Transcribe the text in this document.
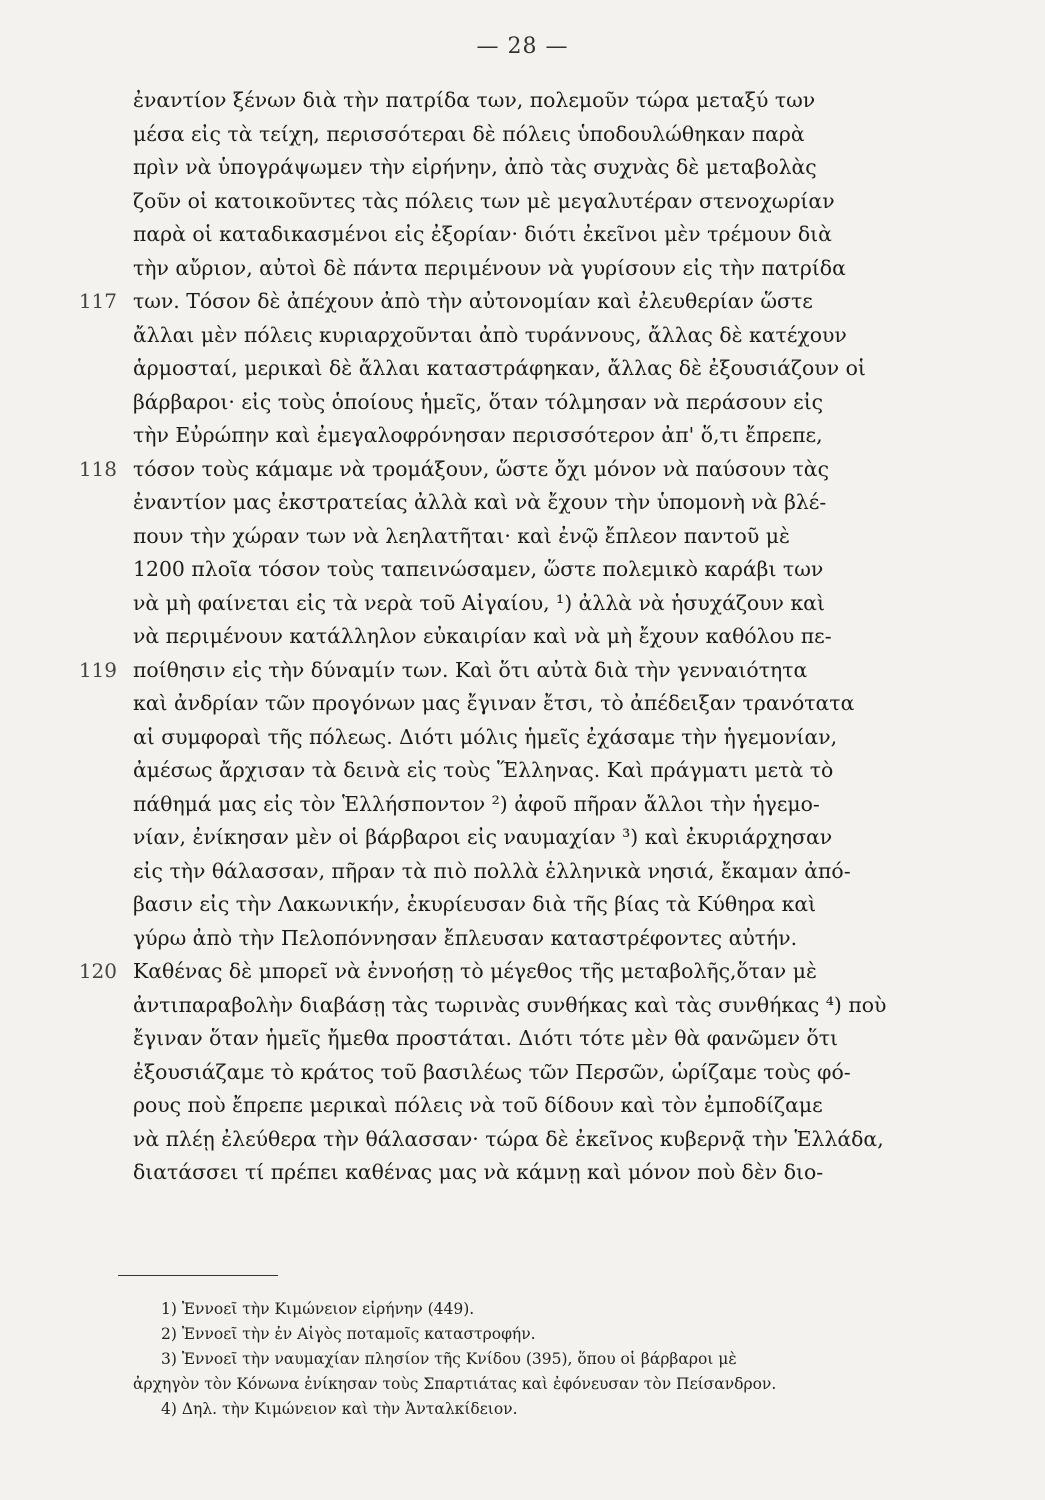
— 28 —
ἐναντίον ξένων διὰ τὴν πατρίδα των, πολεμοῦν τώρα μεταξύ των
μέσα εἰς τὰ τείχη, περισσότεραι δὲ πόλεις ὑποδουλώθηκαν παρὰ
πρὶν νὰ ὑπογράψωμεν τὴν εἰρήνην, ἀπὸ τὰς συχνὰς δὲ μεταβολὰς
ζοῦν οἱ κατοικοῦντες τὰς πόλεις των μὲ μεγαλυτέραν στενοχωρίαν
παρὰ οἱ καταδικασμένοι εἰς ἐξορίαν· διότι ἐκεῖνοι μὲν τρέμουν διὰ
τὴν αὔριον, αὐτοὶ δὲ πάντα περιμένουν νὰ γυρίσουν εἰς τὴν πατρίδα
117 των. Τόσον δὲ ἀπέχουν ἀπὸ τὴν αὐτονομίαν καὶ ἐλευθερίαν ὥστε
ἄλλαι μὲν πόλεις κυριαρχοῦνται ἀπὸ τυράννους, ἄλλας δὲ κατέχουν
ἁρμοσταί, μερικαὶ δὲ ἄλλαι καταστράφηκαν, ἄλλας δὲ ἐξουσιάζουν οἱ
βάρβαροι· εἰς τοὺς ὁποίους ἡμεῖς, ὅταν τόλμησαν νὰ περάσουν εἰς
τὴν Εὐρώπην καὶ ἐμεγαλοφρόνησαν περισσότερον ἀπ' ὅ,τι ἔπρεπε,
118 τόσον τοὺς κάμαμε νὰ τρομάξουν, ὥστε ὄχι μόνον νὰ παύσουν τὰς
ἐναντίον μας ἐκστρατείας ἀλλὰ καὶ νὰ ἔχουν τὴν ὑπομονὴ νὰ βλέ-
πουν τὴν χώραν των νὰ λεηλατῆται· καὶ ἐνῷ ἔπλεον παντοῦ μὲ
1200 πλοῖα τόσον τοὺς ταπεινώσαμεν, ὥστε πολεμικὸ καράβι των
νὰ μὴ φαίνεται εἰς τὰ νερὰ τοῦ Αἰγαίου, ¹) ἀλλὰ νὰ ἡσυχάζουν καὶ
νὰ περιμένουν κατάλληλον εὐκαιρίαν καὶ νὰ μὴ ἔχουν καθόλου πε-
119 ποίθησιν εἰς τὴν δύναμίν των. Καὶ ὅτι αὐτὰ διὰ τὴν γενναιότητα
καὶ ἀνδρίαν τῶν προγόνων μας ἔγιναν ἔτσι, τὸ ἀπέδειξαν τρανότατα
αἱ συμφοραὶ τῆς πόλεως. Διότι μόλις ἡμεῖς ἐχάσαμε τὴν ἡγεμονίαν,
ἀμέσως ἄρχισαν τὰ δεινὰ εἰς τοὺς Ἕλληνας. Καὶ πράγματι μετὰ τὸ
πάθημά μας εἰς τὸν Ἑλλήσποντον ²) ἀφοῦ πῆραν ἄλλοι τὴν ἡγεμο-
νίαν, ἐνίκησαν μὲν οἱ βάρβαροι εἰς ναυμαχίαν ³) καὶ ἐκυριάρχησαν
εἰς τὴν θάλασσαν, πῆραν τὰ πιὸ πολλὰ ἑλληνικὰ νησιά, ἔκαμαν ἀπό-
βασιν εἰς τὴν Λακωνικήν, ἐκυρίευσαν διὰ τῆς βίας τὰ Κύθηρα καὶ
γύρω ἀπὸ τὴν Πελοπόννησαν ἔπλευσαν καταστρέφοντες αὐτήν.
120 Καθένας δὲ μπορεῖ νὰ ἐννοήσῃ τὸ μέγεθος τῆς μεταβολῆς,ὅταν μὲ
ἀντιπαραβολὴν διαβάσῃ τὰς τωρινὰς συνθήκας καὶ τὰς συνθήκας ⁴) ποὺ
ἔγιναν ὅταν ἡμεῖς ἤμεθα προστάται. Διότι τότε μὲν θὰ φανῶμεν ὅτι
ἐξουσιάζαμε τὸ κράτος τοῦ βασιλέως τῶν Περσῶν, ὡρίζαμε τοὺς φό-
ρους ποὺ ἔπρεπε μερικαὶ πόλεις νὰ τοῦ δίδουν καὶ τὸν ἐμποδίζαμε
νὰ πλέῃ ἐλεύθερα τὴν θάλασσαν· τώρα δὲ ἐκεῖνος κυβερνᾷ τὴν Ἑλλάδα,
διατάσσει τί πρέπει καθένας μας νὰ κάμνῃ καὶ μόνον ποὺ δὲν διο-
1) Ἐννοεῖ τὴν Κιμώνειον εἰρήνην (449).
2) Ἐννοεῖ τὴν ἐν Αἰγὸς ποταμοῖς καταστροφήν.
3) Ἐννοεῖ τὴν ναυμαχίαν πλησίον τῆς Κνίδου (395), ὅπου οἱ βάρβαροι μὲ
ἀρχηγὸν τὸν Κόνωνα ἐνίκησαν τοὺς Σπαρτιάτας καὶ ἐφόνευσαν τὸν Πείσανδρον.
4) Δηλ. τὴν Κιμώνειον καὶ τὴν Ἀνταλκίδειον.
